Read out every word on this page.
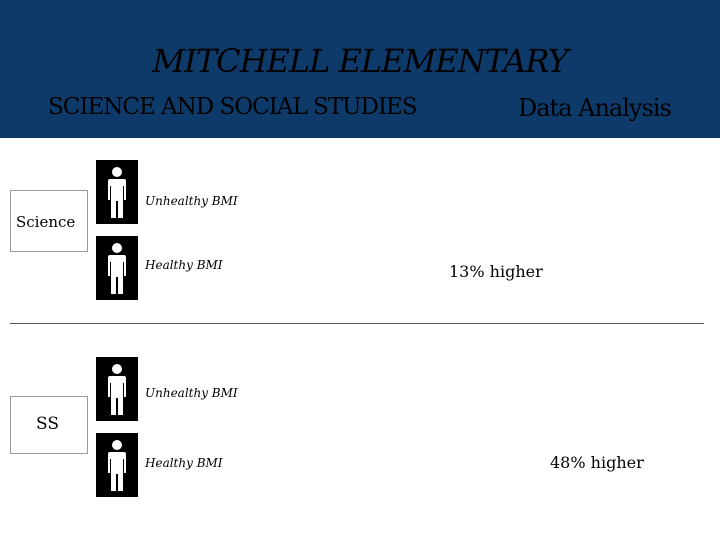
MITCHELL ELEMENTARY
SCIENCE AND SOCIAL STUDIES	Data Analysis
Science
Unhealthy BMI
Healthy BMI	13% higher
SS
Unhealthy BMI
Healthy BMI	48% higher
